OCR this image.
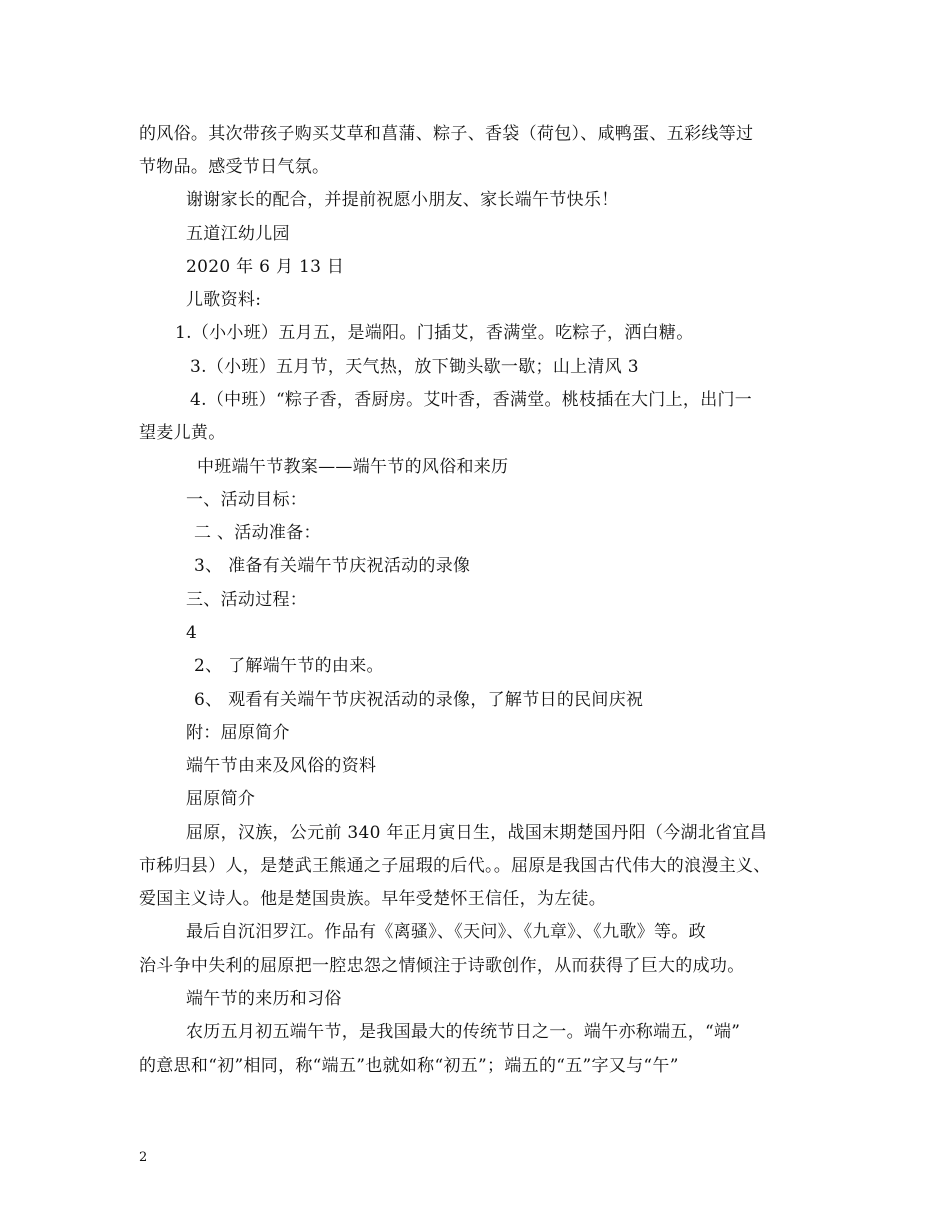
的风俗。其次带孩子购买艾草和菖蒲、粽子、香袋（荷包）、咸鸭蛋、五彩线等过
节物品。感受节日气氛。
谢谢家长的配合，并提前祝愿小朋友、家长端午节快乐！
五道江幼儿园
2020 年 6 月 13 日
儿歌资料:
1.（小小班）五月五，是端阳。门插艾，香满堂。吃粽子，洒白糖。
3.（小班）五月节，天气热，放下锄头歇一歇；山上清风 3
4.（中班）“粽子香，香厨房。艾叶香，香满堂。桃枝插在大门上，出门一
望麦儿黄。
中班端午节教案——端午节的风俗和来历
一、活动目标：
二 、活动准备：
3、 准备有关端午节庆祝活动的录像
三、活动过程：
4
2、 了解端午节的由来。
6、 观看有关端午节庆祝活动的录像，了解节日的民间庆祝
附：屈原简介
端午节由来及风俗的资料
屈原简介
屈原，汉族，公元前 340 年正月寅日生，战国末期楚国丹阳（今湖北省宜昌
市秭归县）人，是楚武王熊通之子屈瑕的后代。。屈原是我国古代伟大的浪漫主义、
爱国主义诗人。他是楚国贵族。早年受楚怀王信任，为左徒。
最后自沉汨罗江。作品有《离骚》、《天问》、《九章》、《九歌》等。政
治斗争中失利的屈原把一腔忠怨之情倾注于诗歌创作，从而获得了巨大的成功。
端午节的来历和习俗
农历五月初五端午节，是我国最大的传统节日之一。端午亦称端五，“端”
的意思和“初”相同，称“端五”也就如称“初五”；端五的“五”字又与“午”
2
